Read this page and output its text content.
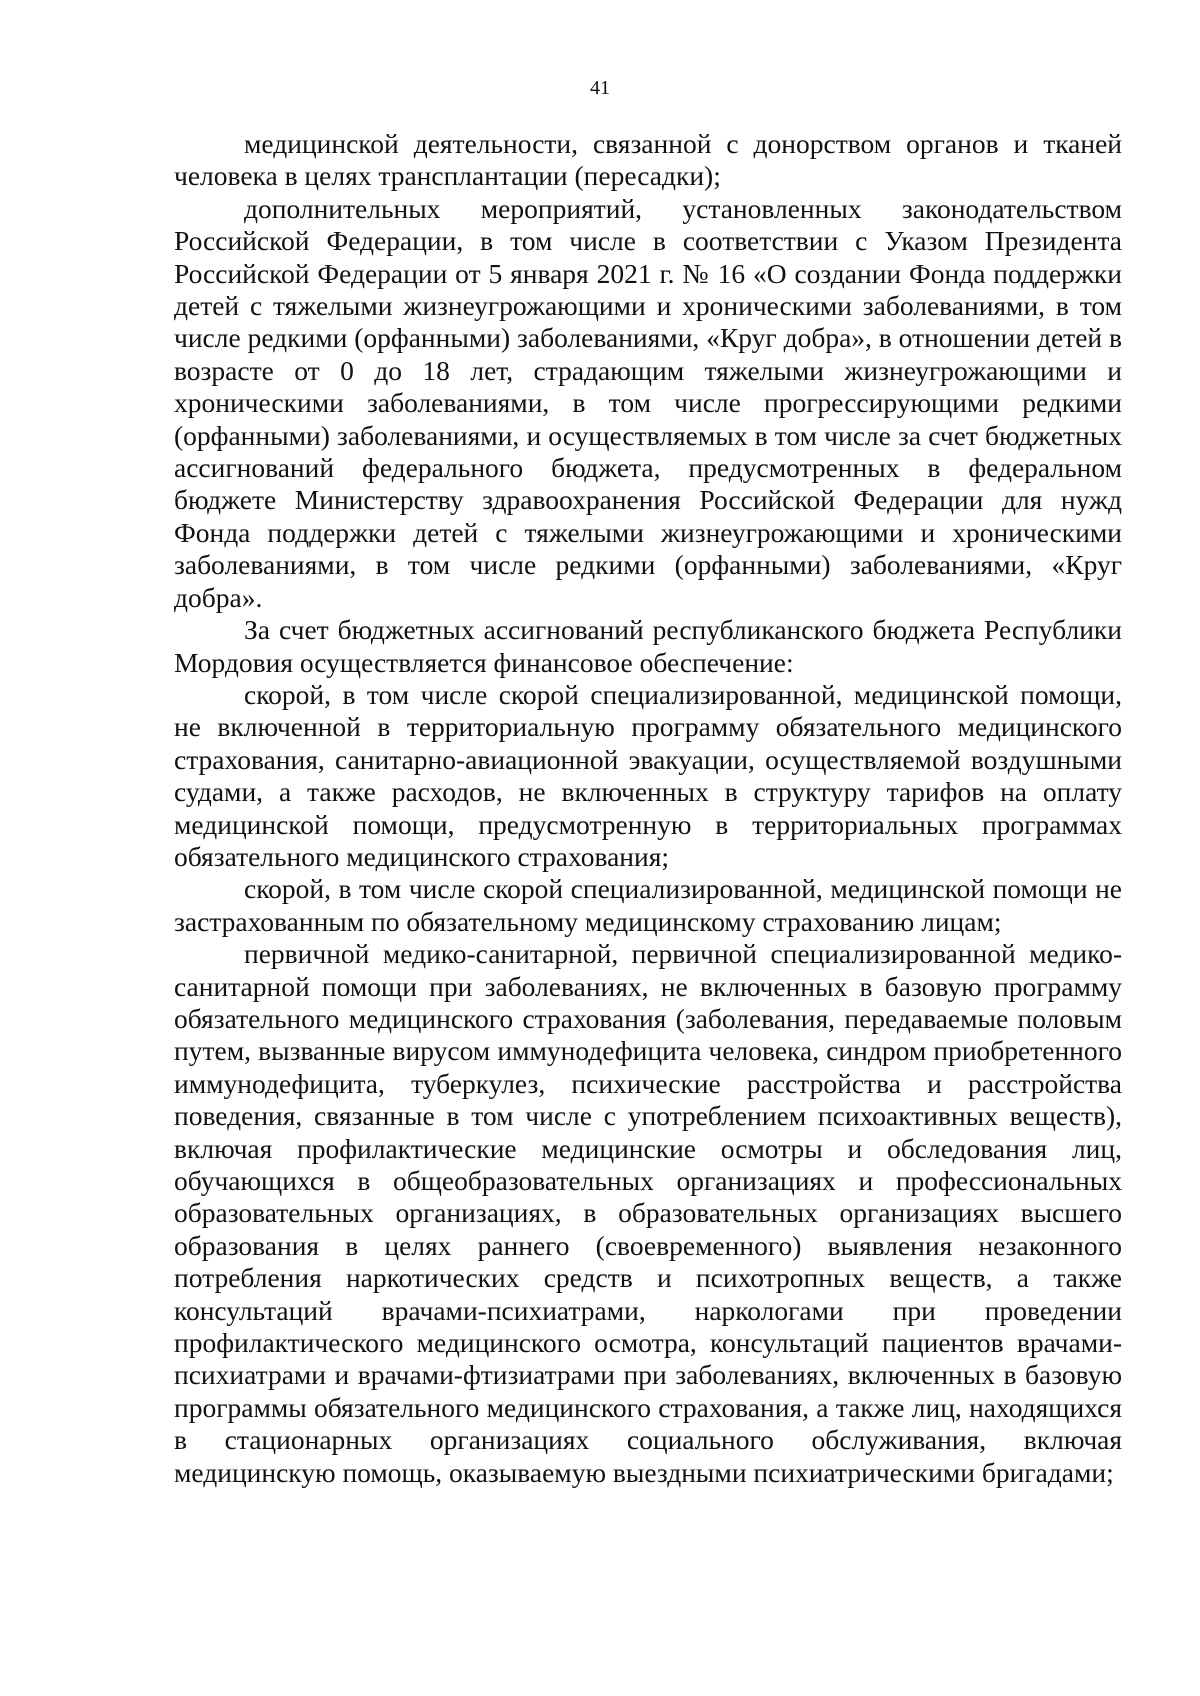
41

медицинской деятельности, связанной с донорством органов и тканей человека в целях трансплантации (пересадки);

дополнительных мероприятий, установленных законодательством Российской Федерации, в том числе в соответствии с Указом Президента Российской Федерации от 5 января 2021 г. № 16 «О создании Фонда поддержки детей с тяжелыми жизнеугрожающими и хроническими заболеваниями, в том числе редкими (орфанными) заболеваниями, «Круг добра», в отношении детей в возрасте от 0 до 18 лет, страдающим тяжелыми жизнеугрожающими и хроническими заболеваниями, в том числе прогрессирующими редкими (орфанными) заболеваниями, и осуществляемых в том числе за счет бюджетных ассигнований федерального бюджета, предусмотренных в федеральном бюджете Министерству здравоохранения Российской Федерации для нужд Фонда поддержки детей с тяжелыми жизнеугрожающими и хроническими заболеваниями, в том числе редкими (орфанными) заболеваниями, «Круг добра».

За счет бюджетных ассигнований республиканского бюджета Республики Мордовия осуществляется финансовое обеспечение:

скорой, в том числе скорой специализированной, медицинской помощи, не включенной в территориальную программу обязательного медицинского страхования, санитарно-авиационной эвакуации, осуществляемой воздушными судами, а также расходов, не включенных в структуру тарифов на оплату медицинской помощи, предусмотренную в территориальных программах обязательного медицинского страхования;

скорой, в том числе скорой специализированной, медицинской помощи не застрахованным по обязательному медицинскому страхованию лицам;

первичной медико-санитарной, первичной специализированной медико-санитарной помощи при заболеваниях, не включенных в базовую программу обязательного медицинского страхования (заболевания, передаваемые половым путем, вызванные вирусом иммунодефицита человека, синдром приобретенного иммунодефицита, туберкулез, психические расстройства и расстройства поведения, связанные в том числе с употреблением психоактивных веществ), включая профилактические медицинские осмотры и обследования лиц, обучающихся в общеобразовательных организациях и профессиональных образовательных организациях, в образовательных организациях высшего образования в целях раннего (своевременного) выявления незаконного потребления наркотических средств и психотропных веществ, а также консультаций врачами-психиатрами, наркологами при проведении профилактического медицинского осмотра, консультаций пациентов врачами-психиатрами и врачами-фтизиатрами при заболеваниях, включенных в базовую программы обязательного медицинского страхования, а также лиц, находящихся в стационарных организациях социального обслуживания, включая медицинскую помощь, оказываемую выездными психиатрическими бригадами;
